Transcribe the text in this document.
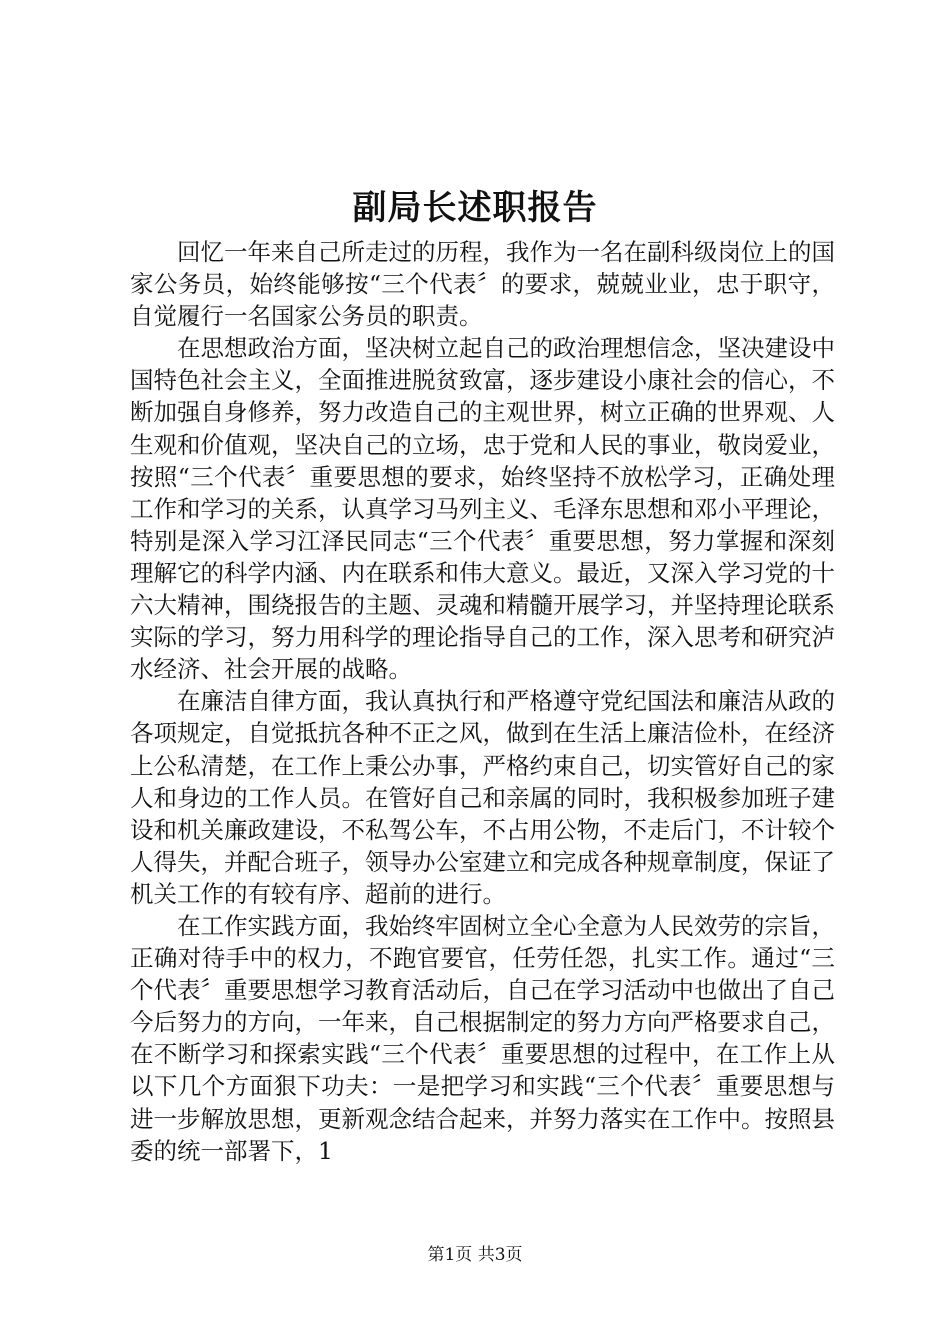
副局长述职报告

回忆一年来自己所走过的历程，我作为一名在副科级岗位上的国家公务员，始终能够按“三个代表〞的要求，兢兢业业，忠于职守，自觉履行一名国家公务员的职责。

在思想政治方面，坚决树立起自己的政治理想信念，坚决建设中国特色社会主义，全面推进脱贫致富，逐步建设小康社会的信心，不断加强自身修养，努力改造自己的主观世界，树立正确的世界观、人生观和价值观，坚决自己的立场，忠于党和人民的事业，敬岗爱业，按照“三个代表〞重要思想的要求，始终坚持不放松学习，正确处理工作和学习的关系，认真学习马列主义、毛泽东思想和邓小平理论，特别是深入学习江泽民同志“三个代表〞重要思想，努力掌握和深刻理解它的科学内涵、内在联系和伟大意义。最近，又深入学习党的十六大精神，围绕报告的主题、灵魂和精髓开展学习，并坚持理论联系实际的学习，努力用科学的理论指导自己的工作，深入思考和研究泸水经济、社会开展的战略。

在廉洁自律方面，我认真执行和严格遵守党纪国法和廉洁从政的各项规定，自觉抵抗各种不正之风，做到在生活上廉洁俭朴，在经济上公私清楚，在工作上秉公办事，严格约束自己，切实管好自己的家人和身边的工作人员。在管好自己和亲属的同时，我积极参加班子建设和机关廉政建设，不私驾公车，不占用公物，不走后门，不计较个人得失，并配合班子，领导办公室建立和完成各种规章制度，保证了机关工作的有较有序、超前的进行。

在工作实践方面，我始终牢固树立全心全意为人民效劳的宗旨，正确对待手中的权力，不跑官要官，任劳任怨，扎实工作。通过“三个代表〞重要思想学习教育活动后，自己在学习活动中也做出了自己今后努力的方向，一年来，自己根据制定的努力方向严格要求自己，在不断学习和探索实践“三个代表〞重要思想的过程中，在工作上从以下几个方面狠下功夫：一是把学习和实践“三个代表〞重要思想与进一步解放思想，更新观念结合起来，并努力落实在工作中。按照县委的统一部署下，1

第1页 共3页
